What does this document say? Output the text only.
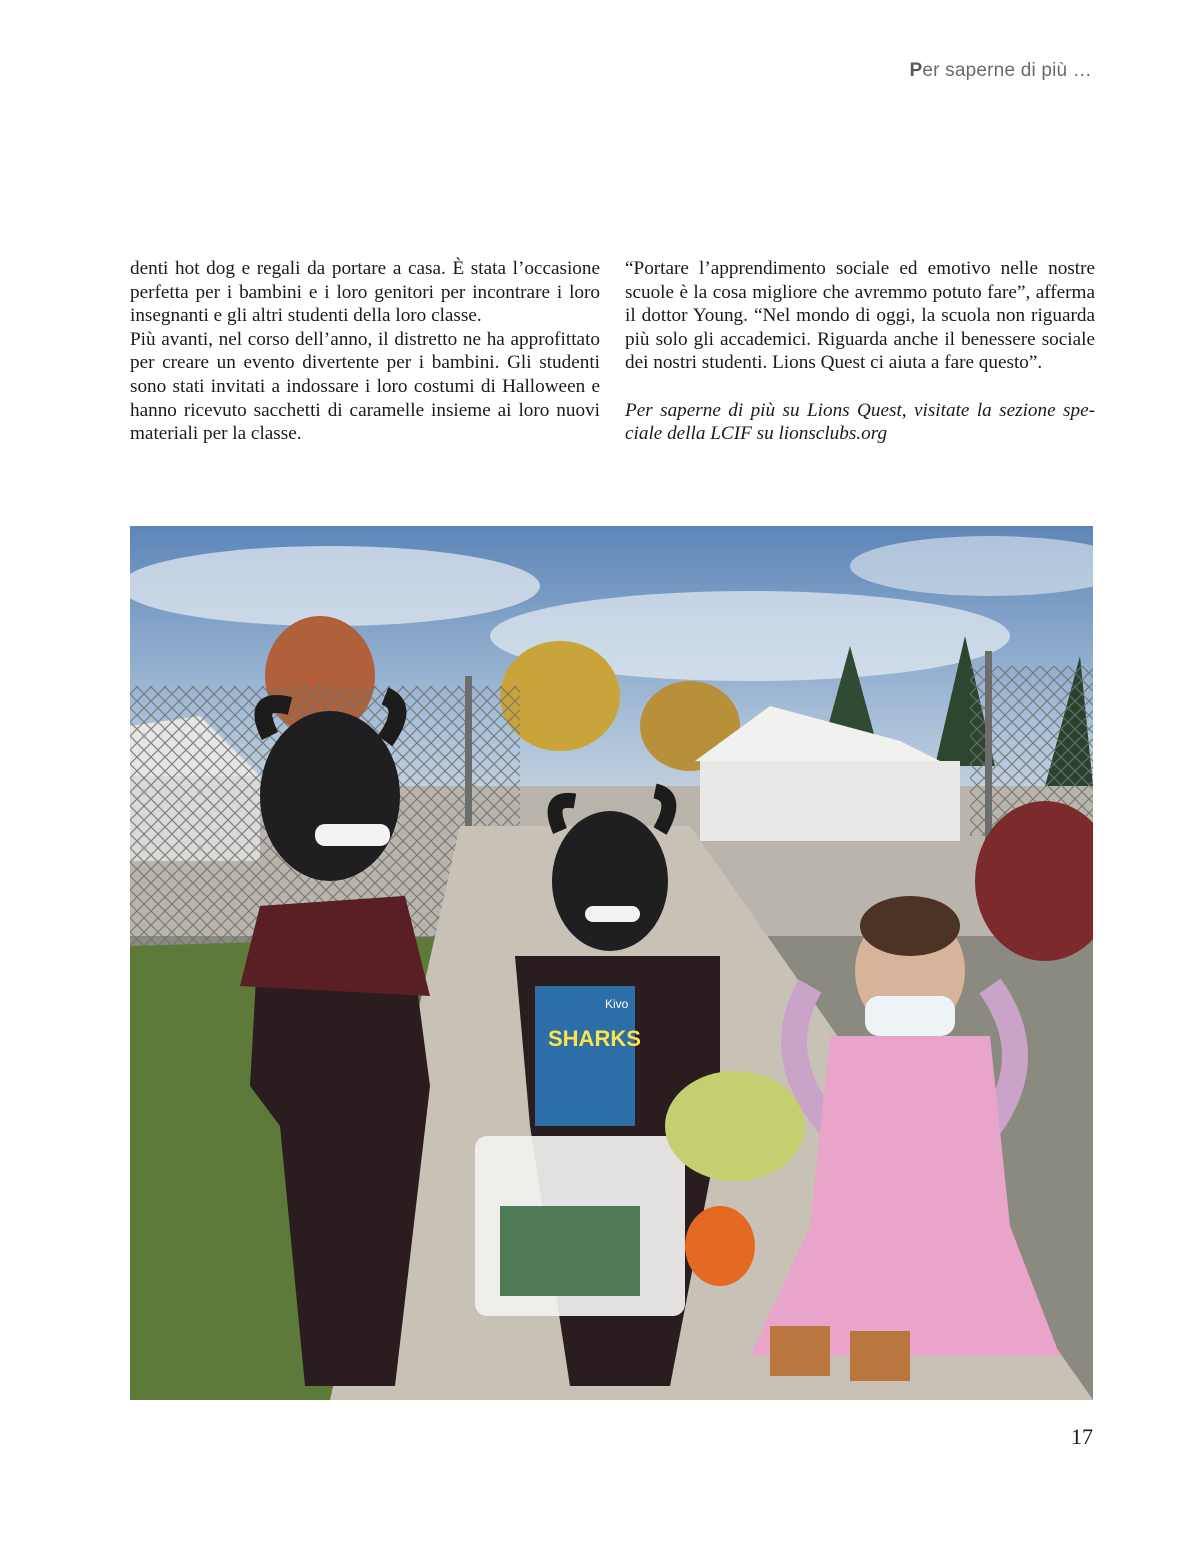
Per saperne di più …

denti hot dog e regali da portare a casa. È stata l’occasione perfetta per i bambini e i loro genitori per incontrare i loro insegnanti e gli altri studenti della loro classe.

Più avanti, nel corso dell’anno, il distretto ne ha approfittato per creare un evento divertente per i bambini. Gli studenti sono stati invitati a indossare i loro costumi di Halloween e hanno ricevuto sacchetti di caramelle insieme ai loro nuovi materiali per la classe.

“Portare l’apprendimento sociale ed emotivo nelle nostre scuole è la cosa migliore che avremmo potuto fare”, afferma il dottor Young. “Nel mondo di oggi, la scuola non riguarda più solo gli accademici. Riguarda anche il benessere sociale dei nostri studenti. Lions Quest ci aiuta a fare questo”.

Per saperne di più su Lions Quest, visitate la sezione speciale della LCIF su lionsclubs.org

SHARKS
Kivo
17
